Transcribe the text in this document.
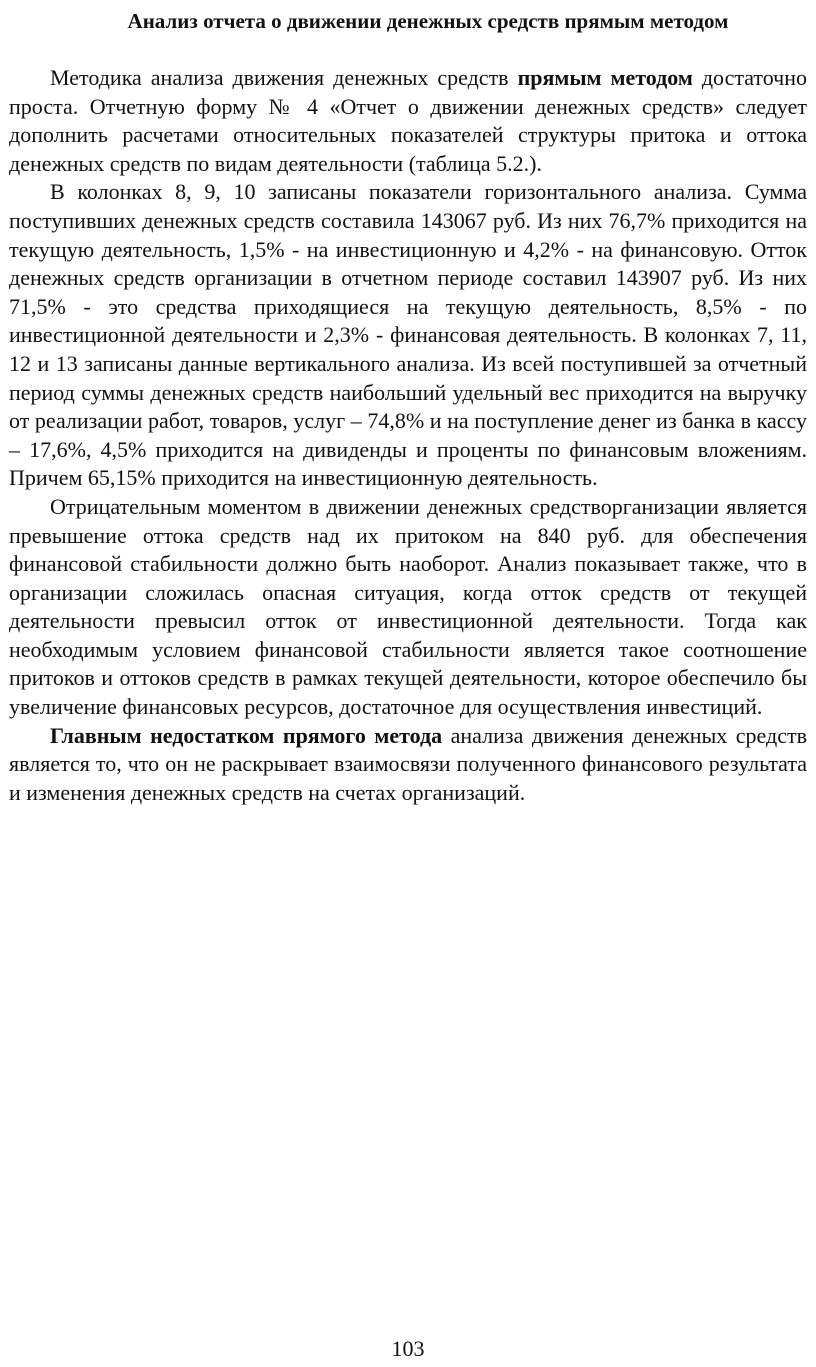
Анализ отчета о движении денежных средств прямым методом

Методика анализа движения денежных средств прямым методом достаточно проста. Отчетную форму № 4 «Отчет о движении денежных средств» следует дополнить расчетами относительных показателей структуры притока и оттока денежных средств по видам деятельности (таблица 5.2.).

В колонках 8, 9, 10 записаны показатели горизонтального анализа. Сумма поступивших денежных средств составила 143067 руб. Из них 76,7% приходится на текущую деятельность, 1,5% - на инвестиционную и 4,2% - на финансовую. Отток денежных средств организации в отчетном периоде составил 143907 руб. Из них 71,5% - это средства приходящиеся на текущую деятельность, 8,5% - по инвестиционной деятельности и 2,3% - финансовая деятельность. В колонках 7, 11, 12 и 13 записаны данные вертикального анализа. Из всей поступившей за отчетный период суммы денежных средств наибольший удельный вес приходится на выручку от реализации работ, товаров, услуг – 74,8% и на поступление денег из банка в кассу – 17,6%, 4,5% приходится на дивиденды и проценты по финансовым вложениям. Причем 65,15% приходится на инвестиционную деятельность.

Отрицательным моментом в движении денежных средстворганизации является превышение оттока средств над их притоком на 840 руб. для обеспечения финансовой стабильности должно быть наоборот. Анализ показывает также, что в организации сложилась опасная ситуация, когда отток средств от текущей деятельности превысил отток от инвестиционной деятельности. Тогда как необходимым условием финансовой стабильности является такое соотношение притоков и оттоков средств в рамках текущей деятельности, которое обеспечило бы увеличение финансовых ресурсов, достаточное для осуществления инвестиций.

Главным недостатком прямого метода анализа движения денежных средств является то, что он не раскрывает взаимосвязи полученного финансового результата и изменения денежных средств на счетах организаций.

103
